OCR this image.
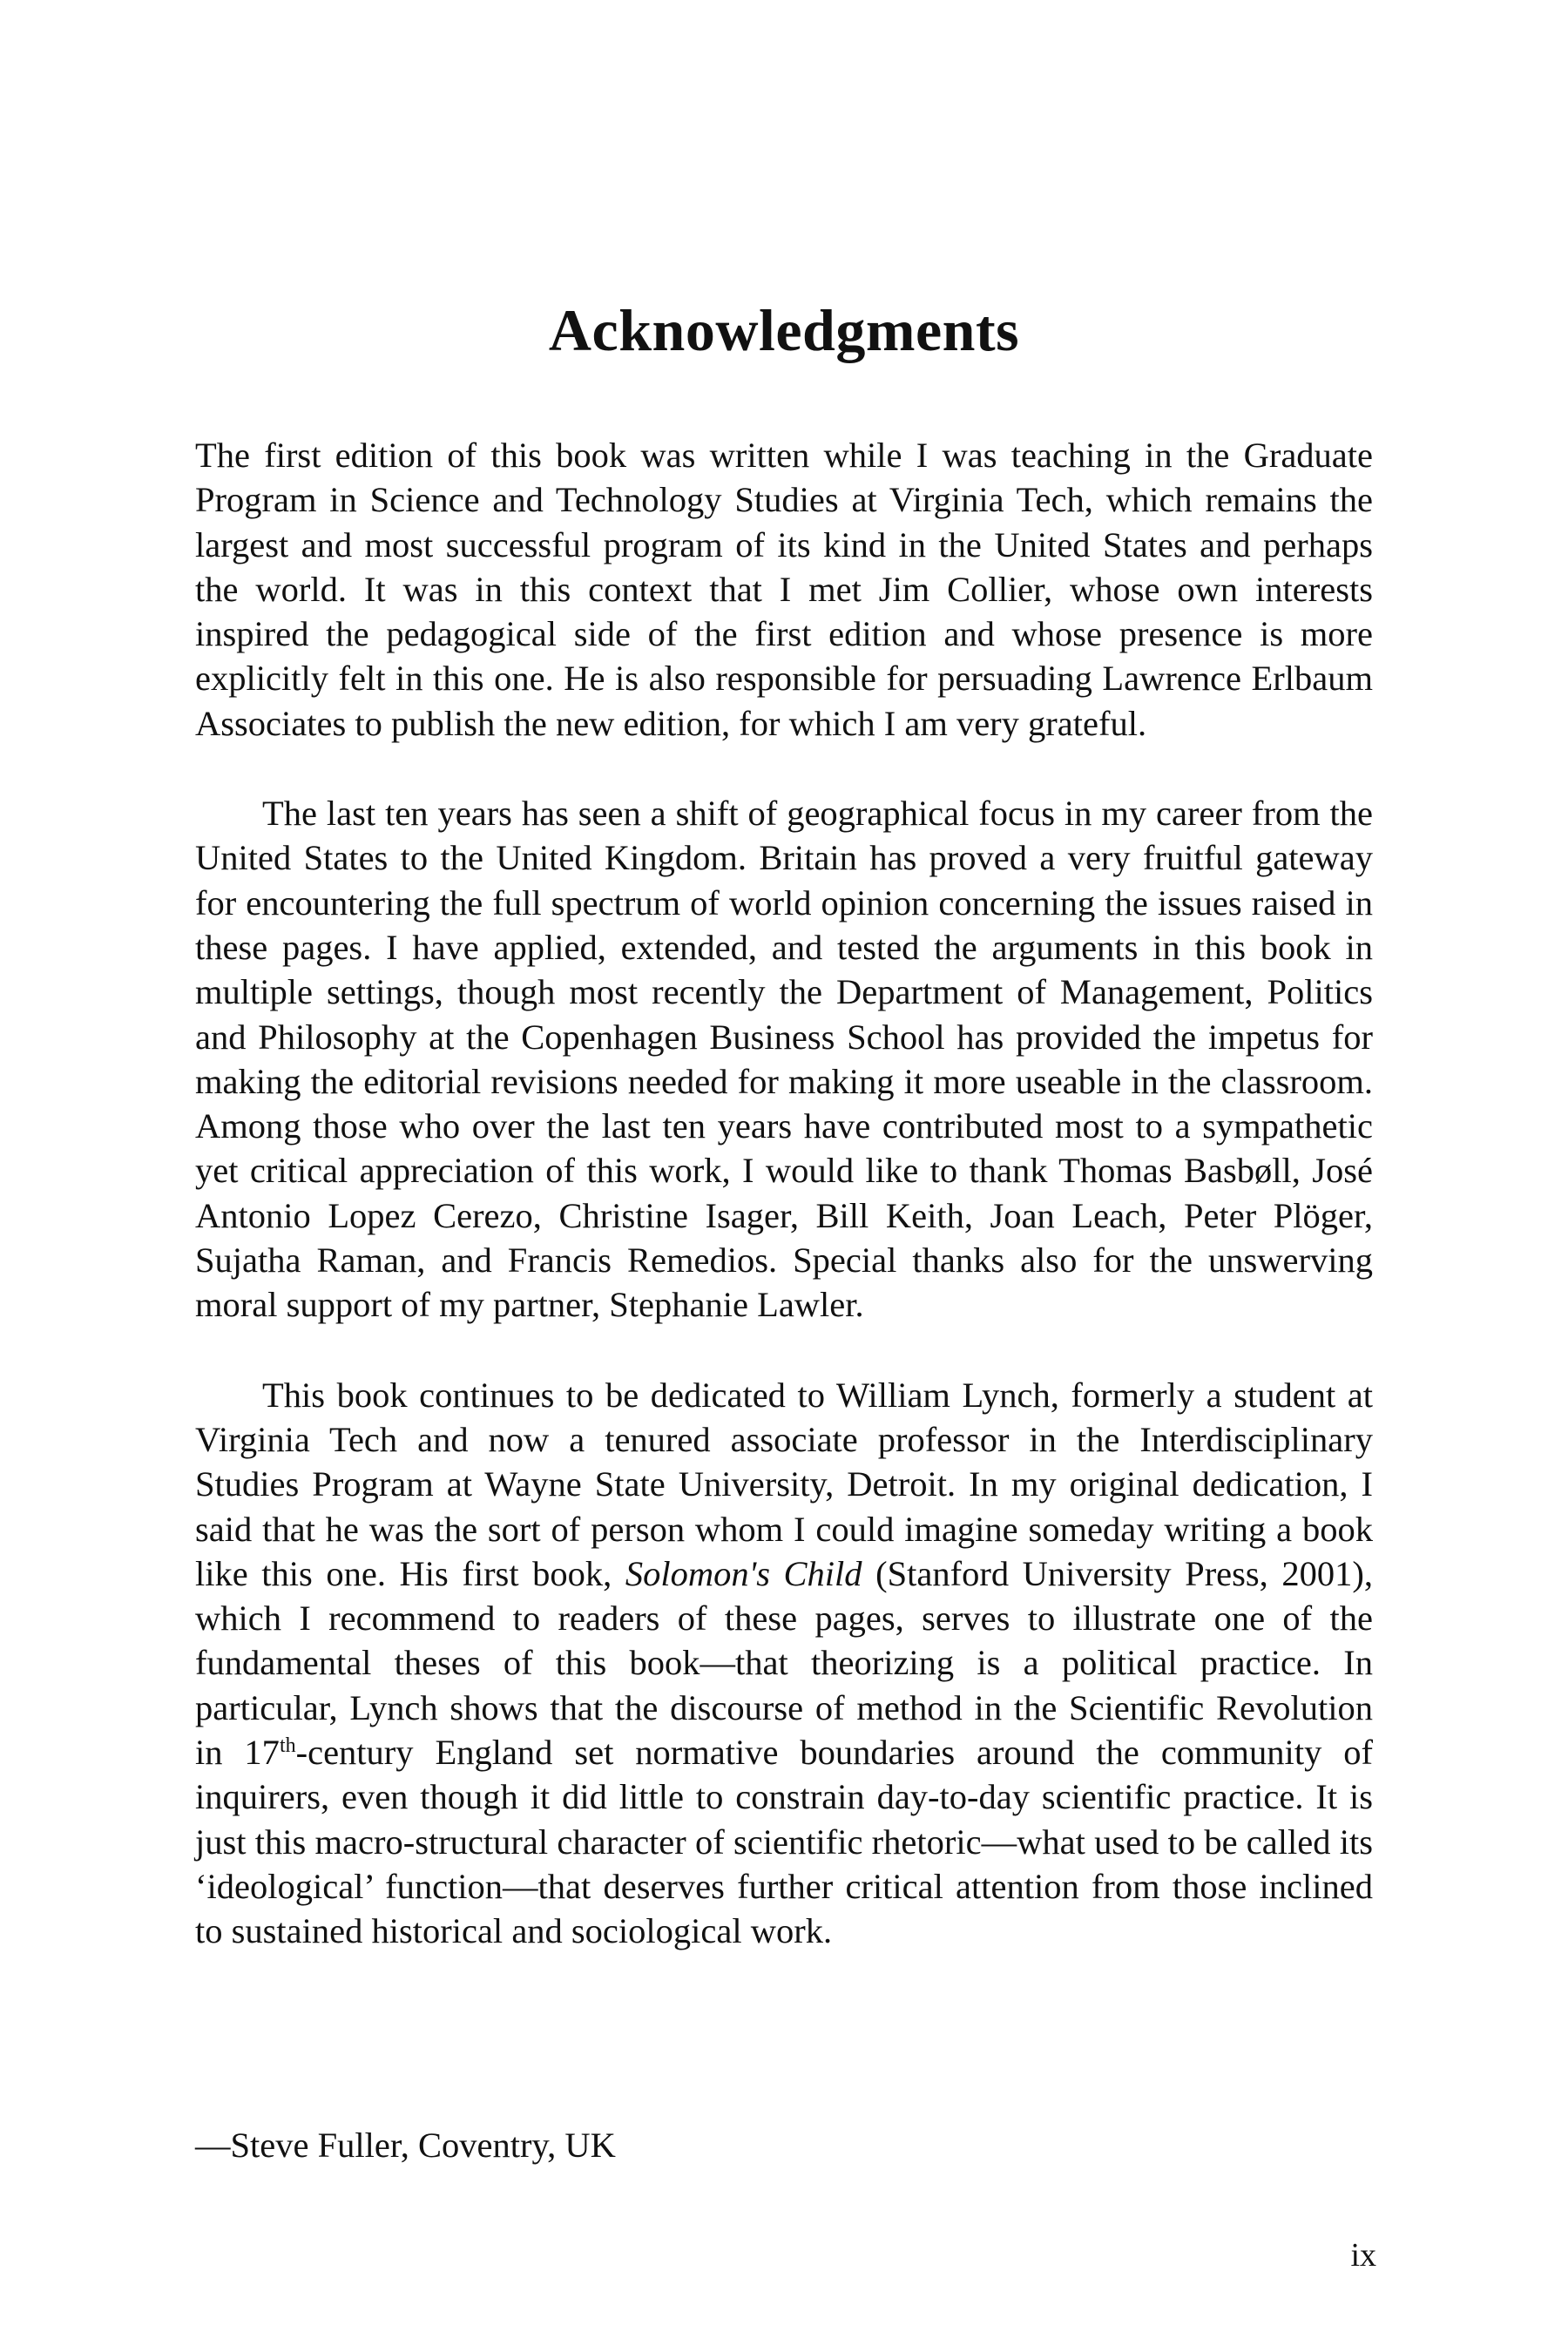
Acknowledgments

The first edition of this book was written while I was teaching in the Graduate Program in Science and Technology Studies at Virginia Tech, which remains the largest and most successful program of its kind in the United States and perhaps the world. It was in this context that I met Jim Collier, whose own interests inspired the pedagogical side of the first edition and whose presence is more explicitly felt in this one. He is also responsible for persuading Lawrence Erlbaum Associates to publish the new edition, for which I am very grateful.

The last ten years has seen a shift of geographical focus in my career from the United States to the United Kingdom. Britain has proved a very fruitful gateway for encountering the full spectrum of world opinion concerning the issues raised in these pages. I have applied, extended, and tested the arguments in this book in multiple settings, though most recently the Department of Management, Politics and Philosophy at the Copenhagen Business School has provided the impetus for making the editorial revisions needed for making it more useable in the classroom. Among those who over the last ten years have contributed most to a sympathetic yet critical appreciation of this work, I would like to thank Thomas Basbøll, José Antonio Lopez Cerezo, Christine Isager, Bill Keith, Joan Leach, Peter Plöger, Sujatha Raman, and Francis Remedios. Special thanks also for the unswerving moral support of my partner, Stephanie Lawler.

This book continues to be dedicated to William Lynch, formerly a student at Virginia Tech and now a tenured associate professor in the Interdisciplinary Studies Program at Wayne State University, Detroit. In my original dedication, I said that he was the sort of person whom I could imagine someday writing a book like this one. His first book, Solomon's Child (Stanford University Press, 2001), which I recommend to readers of these pages, serves to illustrate one of the fundamental theses of this book—that theorizing is a political practice. In particular, Lynch shows that the discourse of method in the Scientific Revolution in 17th-century England set normative boundaries around the community of inquirers, even though it did little to constrain day-to-day scientific practice. It is just this macro-structural character of scientific rhetoric—what used to be called its ‘ideological’ function—that deserves further critical attention from those inclined to sustained historical and sociological work.

—Steve Fuller, Coventry, UK

ix
